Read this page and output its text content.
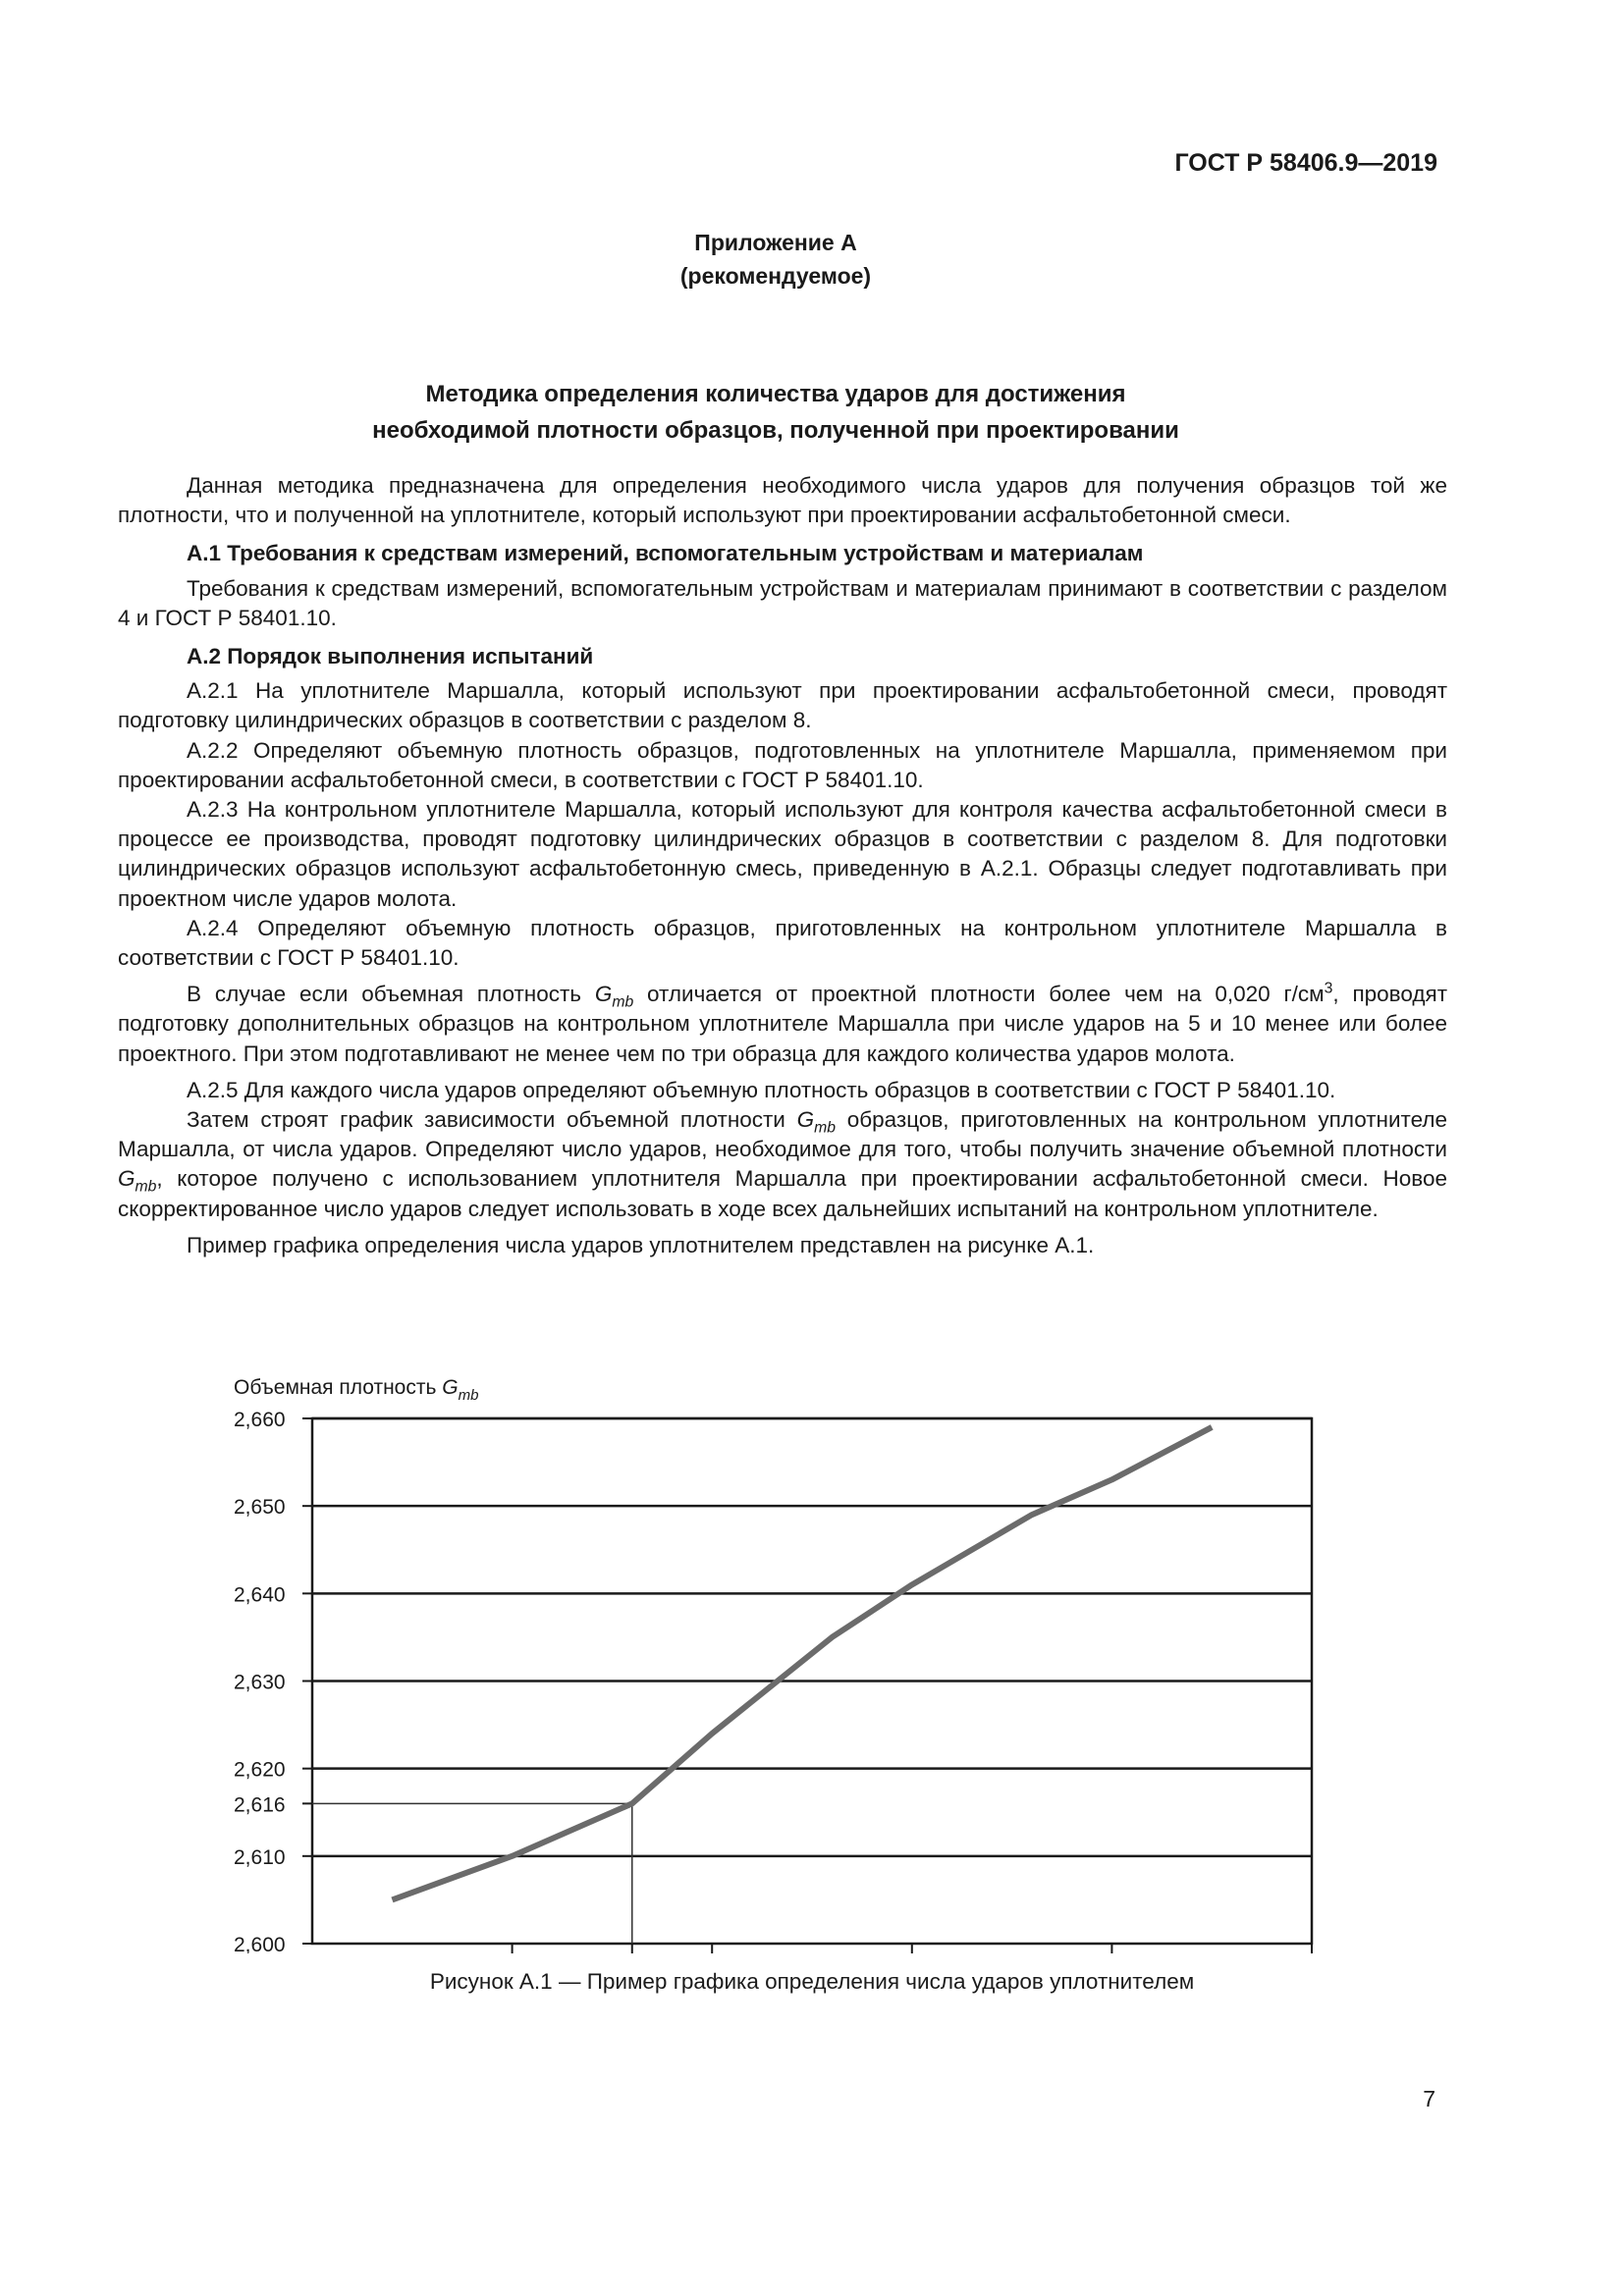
ГОСТ Р 58406.9—2019
Приложение А
(рекомендуемое)
Методика определения количества ударов для достижения
необходимой плотности образцов, полученной при проектировании

Данная методика предназначена для определения необходимого числа ударов для получения образцов той же плотности, что и полученной на уплотнителе, который используют при проектировании асфальтобетонной смеси.

А.1 Требования к средствам измерений, вспомогательным устройствам и материалам

Требования к средствам измерений, вспомогательным устройствам и материалам принимают в соответствии с разделом 4 и ГОСТ Р 58401.10.

А.2 Порядок выполнения испытаний

А.2.1 На уплотнителе Маршалла, который используют при проектировании асфальтобетонной смеси, проводят подготовку цилиндрических образцов в соответствии с разделом 8.

А.2.2 Определяют объемную плотность образцов, подготовленных на уплотнителе Маршалла, применяемом при проектировании асфальтобетонной смеси, в соответствии с ГОСТ Р 58401.10.

А.2.3 На контрольном уплотнителе Маршалла, который используют для контроля качества асфальтобетонной смеси в процессе ее производства, проводят подготовку цилиндрических образцов в соответствии с разделом 8. Для подготовки цилиндрических образцов используют асфальтобетонную смесь, приведенную в А.2.1. Образцы следует подготавливать при проектном числе ударов молота.

А.2.4 Определяют объемную плотность образцов, приготовленных на контрольном уплотнителе Маршалла в соответствии с ГОСТ Р 58401.10.

В случае если объемная плотность $G_{mb}$ отличается от проектной плотности более чем на 0,020 $г/см^3$, проводят подготовку дополнительных образцов на контрольном уплотнителе Маршалла при числе ударов на 5 и 10 менее или более проектного. При этом подготавливают не менее чем по три образца для каждого количества ударов молота.

А.2.5 Для каждого числа ударов определяют объемную плотность образцов в соответствии с ГОСТ Р 58401.10.

Затем строят график зависимости объемной плотности $G_{mb}$ образцов, приготовленных на контрольном уплотнителе Маршалла, от числа ударов. Определяют число ударов, необходимое для того, чтобы получить значение объемной плотности $G_{mb}$, которое получено с использованием уплотнителя Маршалла при проектировании асфальтобетонной смеси. Новое скорректированное число ударов следует использовать в ходе всех дальнейших испытаний на контрольном уплотнителе.

Пример графика определения числа ударов уплотнителем представлен на рисунке А.1.

Объемная плотность $G_{mb}$
2,660
2,650
2,640
2,630
2,620
2,616
2,610
2,600
Рисунок А.1 — Пример графика определения числа ударов уплотнителем
7
